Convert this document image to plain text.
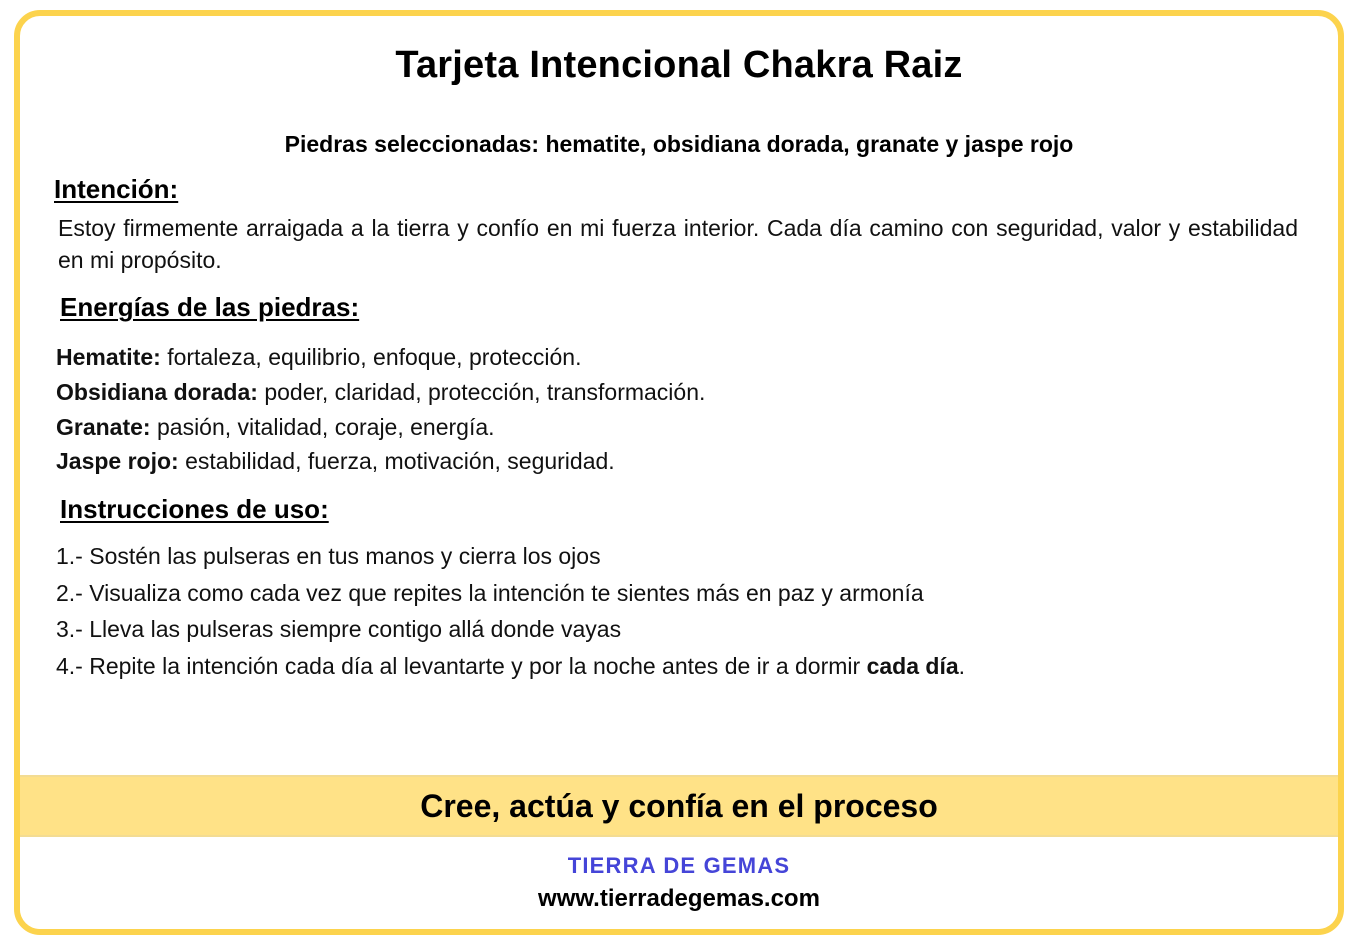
Tarjeta Intencional Chakra Raiz
Piedras seleccionadas: hematite, obsidiana dorada, granate y jaspe rojo
Intención:

Estoy firmemente arraigada a la tierra y confío en mi fuerza interior. Cada día camino con seguridad, valor y estabilidad en mi propósito.

Energías de las piedras:
Hematite: fortaleza, equilibrio, enfoque, protección.
Obsidiana dorada: poder, claridad, protección, transformación.
Granate: pasión, vitalidad, coraje, energía.
Jaspe rojo: estabilidad, fuerza, motivación, seguridad.
Instrucciones de uso:
1.- Sostén las pulseras en tus manos y cierra los ojos
2.- Visualiza como cada vez que repites la intención te sientes más en paz y armonía
3.- Lleva las pulseras siempre contigo allá donde vayas
4.- Repite la intención cada día al levantarte y por la noche antes de ir a dormir cada día.
Cree, actúa y confía en el proceso
TIERRA DE GEMAS
www.tierradegemas.com
